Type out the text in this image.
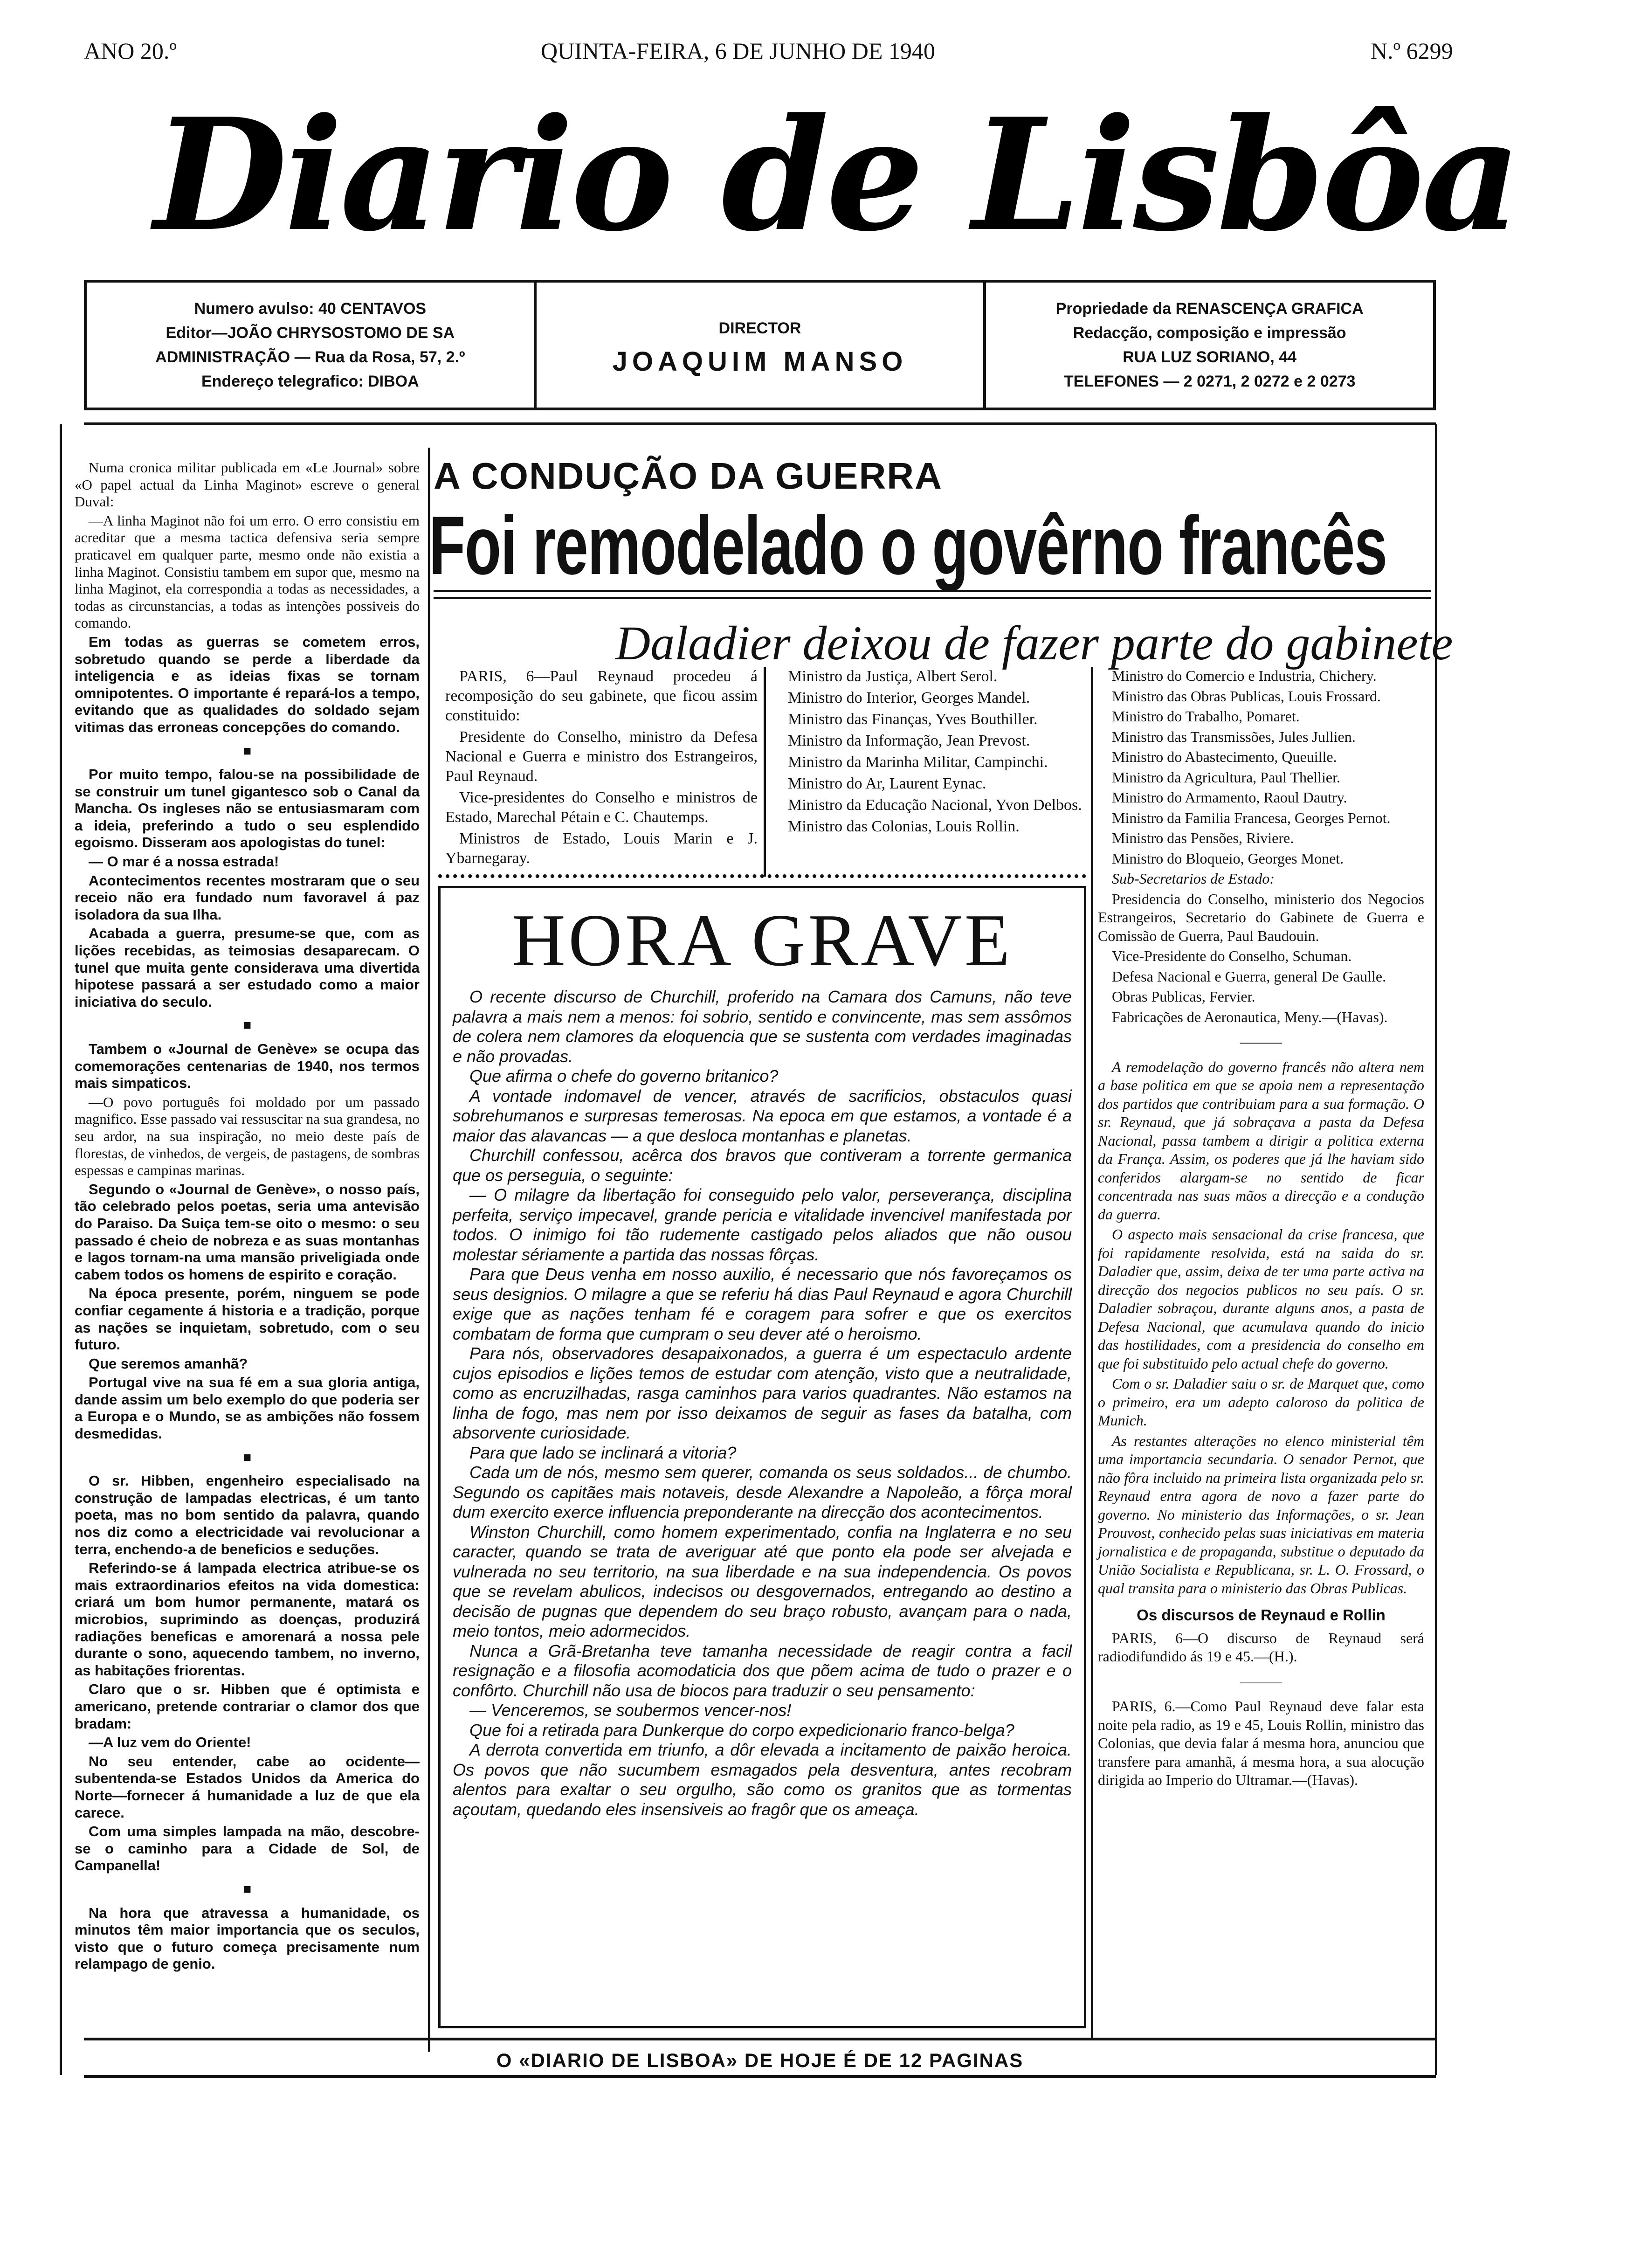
ANO 20.º	QUINTA-FEIRA, 6 DE JUNHO DE 1940	N.º 6299
Diario de Lisbôa
Numero avulso: 40 CENTAVOS
Editor—JOÃO CHRYSOSTOMO DE SA
ADMINISTRAÇÃO — Rua da Rosa, 57, 2.º
Endereço telegrafico: DIBOA
DIRECTOR
JOAQUIM MANSO
Propriedade da RENASCENÇA GRAFICA
Redacção, composição e impressão
RUA LUZ SORIANO, 44
TELEFONES — 2 0271, 2 0272 e 2 0273

Numa cronica militar publicada em «Le Journal» sobre «O papel actual da Linha Maginot» escreve o general Duval:

—A linha Maginot não foi um erro. O erro consistiu em acreditar que a mesma tactica defensiva seria sempre praticavel em qualquer parte, mesmo onde não existia a linha Maginot. Consistiu tambem em supor que, mesmo na linha Maginot, ela correspondia a todas as necessidades, a todas as circunstancias, a todas as intenções possiveis do comando.

Em todas as guerras se cometem erros, sobretudo quando se perde a liberdade da inteligencia e as ideias fixas se tornam omnipotentes. O importante é repará-los a tempo, evitando que as qualidades do soldado sejam vitimas das erroneas concepções do comando.

■

Por muito tempo, falou-se na possibilidade de se construir um tunel gigantesco sob o Canal da Mancha. Os ingleses não se entusiasmaram com a ideia, preferindo a tudo o seu esplendido egoismo. Disseram aos apologistas do tunel:

— O mar é a nossa estrada!

Acontecimentos recentes mostraram que o seu receio não era fundado num favoravel á paz isoladora da sua Ilha.

Acabada a guerra, presume-se que, com as lições recebidas, as teimosias desaparecam. O tunel que muita gente considerava uma divertida hipotese passará a ser estudado como a maior iniciativa do seculo.

■

Tambem o «Journal de Genève» se ocupa das comemorações centenarias de 1940, nos termos mais simpaticos.

—O povo português foi moldado por um passado magnifico. Esse passado vai ressuscitar na sua grandesa, no seu ardor, na sua inspiração, no meio deste país de florestas, de vinhedos, de vergeis, de pastagens, de sombras espessas e campinas marinas.

Segundo o «Journal de Genève», o nosso país, tão celebrado pelos poetas, seria uma antevisão do Paraiso. Da Suiça tem-se oito o mesmo: o seu passado é cheio de nobreza e as suas montanhas e lagos tornam-na uma mansão priveligiada onde cabem todos os homens de espirito e coração.

Na época presente, porém, ninguem se pode confiar cegamente á historia e a tradição, porque as nações se inquietam, sobretudo, com o seu futuro.

Que seremos amanhã?

Portugal vive na sua fé em a sua gloria antiga, dande assim um belo exemplo do que poderia ser a Europa e o Mundo, se as ambições não fossem desmedidas.

■

O sr. Hibben, engenheiro especialisado na construção de lampadas electricas, é um tanto poeta, mas no bom sentido da palavra, quando nos diz como a electricidade vai revolucionar a terra, enchendo-a de beneficios e seduções.

Referindo-se á lampada electrica atribue-se os mais extraordinarios efeitos na vida domestica: criará um bom humor permanente, matará os microbios, suprimindo as doenças, produzirá radiações beneficas e amorenará a nossa pele durante o sono, aquecendo tambem, no inverno, as habitações friorentas.

Claro que o sr. Hibben que é optimista e americano, pretende contrariar o clamor dos que bradam:

—A luz vem do Oriente!

No seu entender, cabe ao ocidente—subentenda-se Estados Unidos da America do Norte—fornecer á humanidade a luz de que ela carece.

Com uma simples lampada na mão, descobre-se o caminho para a Cidade de Sol, de Campanella!

■

Na hora que atravessa a humanidade, os minutos têm maior importancia que os seculos, visto que o futuro começa precisamente num relampago de genio.

A CONDUÇÃO DA GUERRA
Foi remodelado o govêrno francês
Daladier deixou de fazer parte do gabinete

PARIS, 6—Paul Reynaud procedeu á recomposição do seu gabinete, que ficou assim constituido:

Presidente do Conselho, ministro da Defesa Nacional e Guerra e ministro dos Estrangeiros, Paul Reynaud.

Vice-presidentes do Conselho e ministros de Estado, Marechal Pétain e C. Chautemps.

Ministros de Estado, Louis Marin e J. Ybarnegaray.

Ministro da Justiça, Albert Serol.

Ministro do Interior, Georges Mandel.

Ministro das Finanças, Yves Bouthiller.

Ministro da Informação, Jean Prevost.

Ministro da Marinha Militar, Campinchi.

Ministro do Ar, Laurent Eynac.

Ministro da Educação Nacional, Yvon Delbos.

Ministro das Colonias, Louis Rollin.

Ministro do Comercio e Industria, Chichery.

Ministro das Obras Publicas, Louis Frossard.

Ministro do Trabalho, Pomaret.

Ministro das Transmissões, Jules Jullien.

Ministro do Abastecimento, Queuille.

Ministro da Agricultura, Paul Thellier.

Ministro do Armamento, Raoul Dautry.

Ministro da Familia Francesa, Georges Pernot.

Ministro das Pensões, Riviere.

Ministro do Bloqueio, Georges Monet.

Sub-Secretarios de Estado:

Presidencia do Conselho, ministerio dos Negocios Estrangeiros, Secretario do Gabinete de Guerra e Comissão de Guerra, Paul Baudouin.

Vice-Presidente do Conselho, Schuman.

Defesa Nacional e Guerra, general De Gaulle.

Obras Publicas, Fervier.

Fabricações de Aeronautica, Meny.—(Havas).

———

A remodelação do governo francês não altera nem a base politica em que se apoia nem a representação dos partidos que contribuiam para a sua formação. O sr. Reynaud, que já sobraçava a pasta da Defesa Nacional, passa tambem a dirigir a politica externa da França. Assim, os poderes que já lhe haviam sido conferidos alargam-se no sentido de ficar concentrada nas suas mãos a direcção e a condução da guerra.

O aspecto mais sensacional da crise francesa, que foi rapidamente resolvida, está na saida do sr. Daladier que, assim, deixa de ter uma parte activa na direcção dos negocios publicos no seu país. O sr. Daladier sobraçou, durante alguns anos, a pasta de Defesa Nacional, que acumulava quando do inicio das hostilidades, com a presidencia do conselho em que foi substituido pelo actual chefe do governo.

Com o sr. Daladier saiu o sr. de Marquet que, como o primeiro, era um adepto caloroso da politica de Munich.

As restantes alterações no elenco ministerial têm uma importancia secundaria. O senador Pernot, que não fôra incluido na primeira lista organizada pelo sr. Reynaud entra agora de novo a fazer parte do governo. No ministerio das Informações, o sr. Jean Prouvost, conhecido pelas suas iniciativas em materia jornalistica e de propaganda, substitue o deputado da União Socialista e Republicana, sr. L. O. Frossard, o qual transita para o ministerio das Obras Publicas.

Os discursos de Reynaud e Rollin

PARIS, 6—O discurso de Reynaud será radiodifundido ás 19 e 45.—(H.).

———

PARIS, 6.—Como Paul Reynaud deve falar esta noite pela radio, as 19 e 45, Louis Rollin, ministro das Colonias, que devia falar á mesma hora, anunciou que transfere para amanhã, á mesma hora, a sua alocução dirigida ao Imperio do Ultramar.—(Havas).

HORA GRAVE

O recente discurso de Churchill, proferido na Camara dos Camuns, não teve palavra a mais nem a menos: foi sobrio, sentido e convincente, mas sem assômos de colera nem clamores da eloquencia que se sustenta com verdades imaginadas e não provadas.

Que afirma o chefe do governo britanico?

A vontade indomavel de vencer, através de sacrificios, obstaculos quasi sobrehumanos e surpresas temerosas. Na epoca em que estamos, a vontade é a maior das alavancas — a que desloca montanhas e planetas.

Churchill confessou, acêrca dos bravos que contiveram a torrente germanica que os perseguia, o seguinte:

— O milagre da libertação foi conseguido pelo valor, perseverança, disciplina perfeita, serviço impecavel, grande pericia e vitalidade invencivel manifestada por todos. O inimigo foi tão rudemente castigado pelos aliados que não ousou molestar sériamente a partida das nossas fôrças.

Para que Deus venha em nosso auxilio, é necessario que nós favoreçamos os seus designios. O milagre a que se referiu há dias Paul Reynaud e agora Churchill exige que as nações tenham fé e coragem para sofrer e que os exercitos combatam de forma que cumpram o seu dever até o heroismo.

Para nós, observadores desapaixonados, a guerra é um espectaculo ardente cujos episodios e lições temos de estudar com atenção, visto que a neutralidade, como as encruzilhadas, rasga caminhos para varios quadrantes. Não estamos na linha de fogo, mas nem por isso deixamos de seguir as fases da batalha, com absorvente curiosidade.

Para que lado se inclinará a vitoria?

Cada um de nós, mesmo sem querer, comanda os seus soldados... de chumbo. Segundo os capitães mais notaveis, desde Alexandre a Napoleão, a fôrça moral dum exercito exerce influencia preponderante na direcção dos acontecimentos.

Winston Churchill, como homem experimentado, confia na Inglaterra e no seu caracter, quando se trata de averiguar até que ponto ela pode ser alvejada e vulnerada no seu territorio, na sua liberdade e na sua independencia. Os povos que se revelam abulicos, indecisos ou desgovernados, entregando ao destino a decisão de pugnas que dependem do seu braço robusto, avançam para o nada, meio tontos, meio adormecidos.

Nunca a Grã-Bretanha teve tamanha necessidade de reagir contra a facil resignação e a filosofia acomodaticia dos que põem acima de tudo o prazer e o confôrto. Churchill não usa de biocos para traduzir o seu pensamento:

— Venceremos, se soubermos vencer-nos!

Que foi a retirada para Dunkerque do corpo expedicionario franco-belga?

A derrota convertida em triunfo, a dôr elevada a incitamento de paixão heroica. Os povos que não sucumbem esmagados pela desventura, antes recobram alentos para exaltar o seu orgulho, são como os granitos que as tormentas açoutam, quedando eles insensiveis ao fragôr que os ameaça.

O «DIARIO DE LISBOA» DE HOJE É DE 12 PAGINAS
